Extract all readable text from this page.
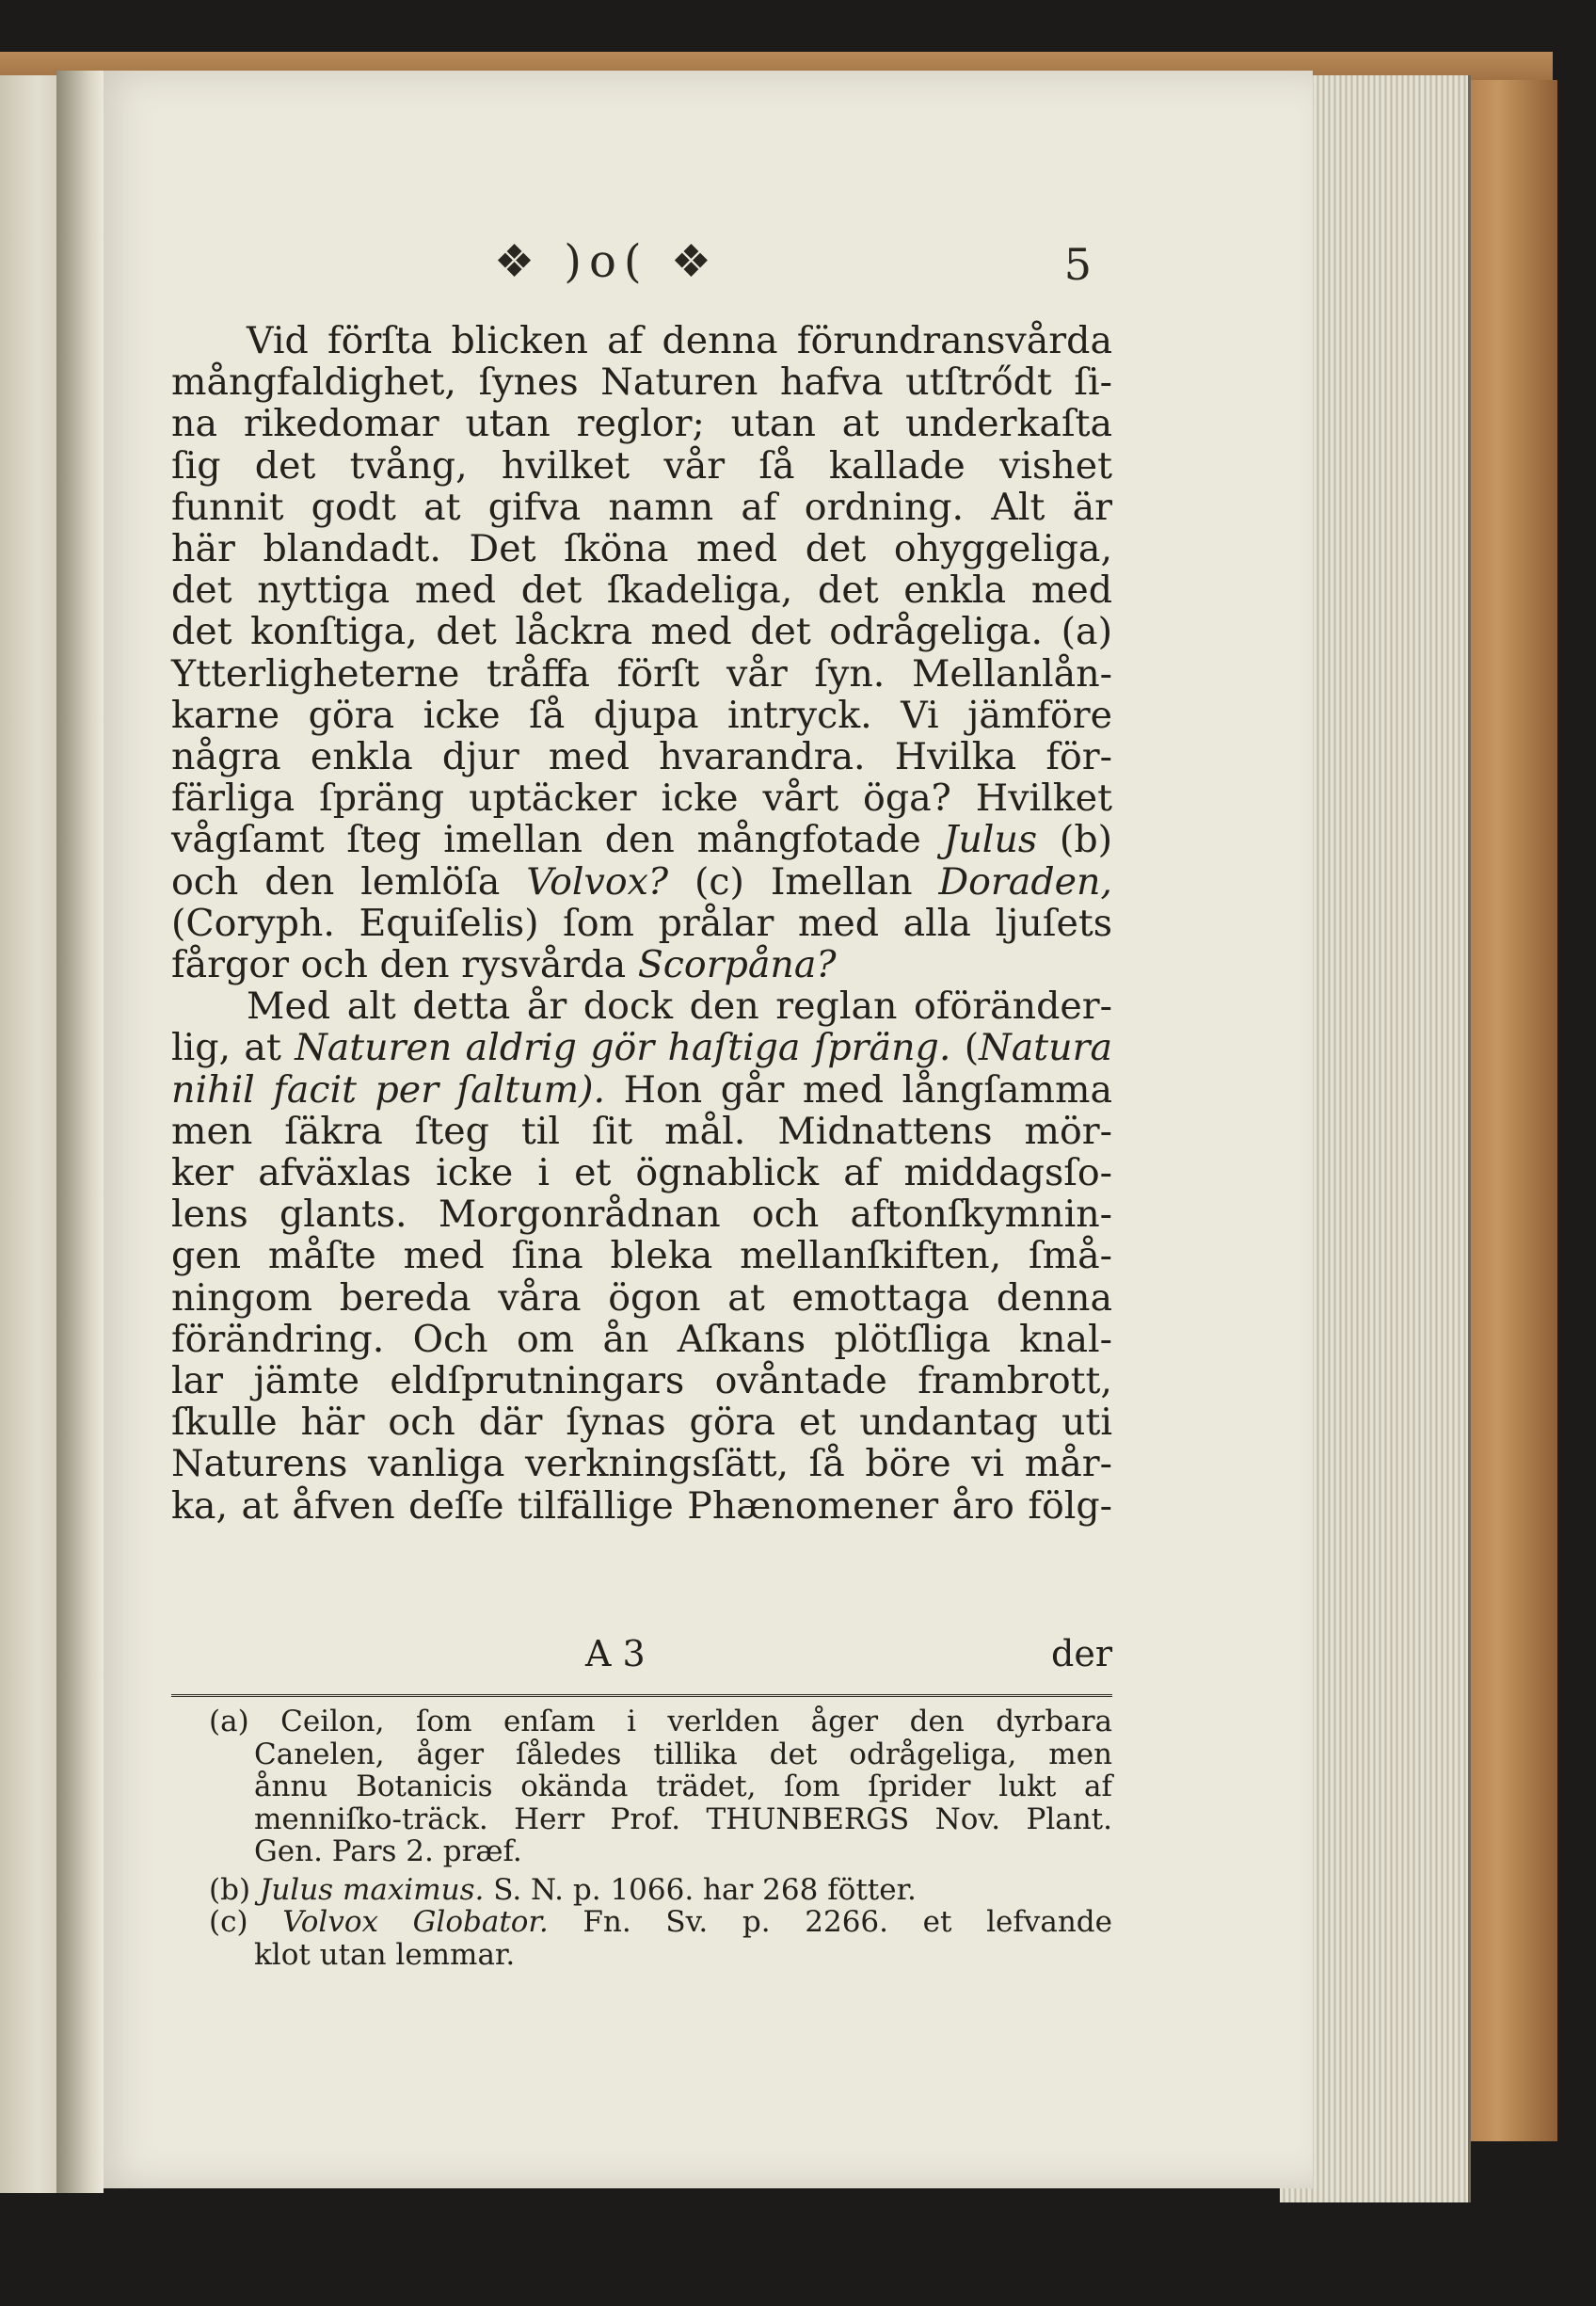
❖ )o( ❖	5
Vid förſta blicken af denna förundransvårda
mångfaldighet, ſynes Naturen hafva utſtrődt ſi-
na rikedomar utan reglor; utan at underkaſta
ſig det tvång, hvilket vår ſå kallade vishet
funnit godt at gifva namn af ordning. Alt är
här blandadt. Det ſköna med det ohyggeliga,
det nyttiga med det ſkadeliga, det enkla med
det konſtiga, det låckra med det odrågeliga. (a)
Ytterligheterne tråffa förſt vår ſyn. Mellanlån-
karne göra icke ſå djupa intryck. Vi jämföre
några enkla djur med hvarandra. Hvilka för-
färliga ſpräng uptäcker icke vårt öga? Hvilket
vågſamt ſteg imellan den mångfotade Julus (b)
och den lemlöſa Volvox? (c) Imellan Doraden,
(Coryph. Equiſelis) ſom prålar med alla ljuſets
fårgor och den rysvårda Scorpåna?
Med alt detta år dock den reglan oföränder-
lig, at Naturen aldrig gör haſtiga ſpräng. (Natura
nihil facit per ſaltum). Hon går med långſamma
men ſäkra ſteg til ſit mål. Midnattens mör-
ker afväxlas icke i et ögnablick af middagsſo-
lens glants. Morgonrådnan och aftonſkymnin-
gen måſte med ſina bleka mellanſkiften, ſmå-
ningom bereda våra ögon at emottaga denna
förändring. Och om ån Aſkans plötſliga knal-
lar jämte eldſprutningars ovåntade frambrott,
ſkulle här och där ſynas göra et undantag uti
Naturens vanliga verkningsſätt, ſå böre vi mår-
ka, at åfven deſſe tilfällige Phænomener åro fölg-
A 3	der
(a) Ceilon, ſom enſam i verlden åger den dyrbara
Canelen, åger ſåledes tillika det odrågeliga, men
ånnu Botanicis okända trädet, ſom ſprider lukt af
menniſko-träck. Herr Prof. THUNBERGS Nov. Plant.
Gen. Pars 2. præf.
(b) Julus maximus. S. N. p. 1066. har 268 fötter.
(c) Volvox Globator. Fn. Sv. p. 2266. et lefvande
klot utan lemmar.
